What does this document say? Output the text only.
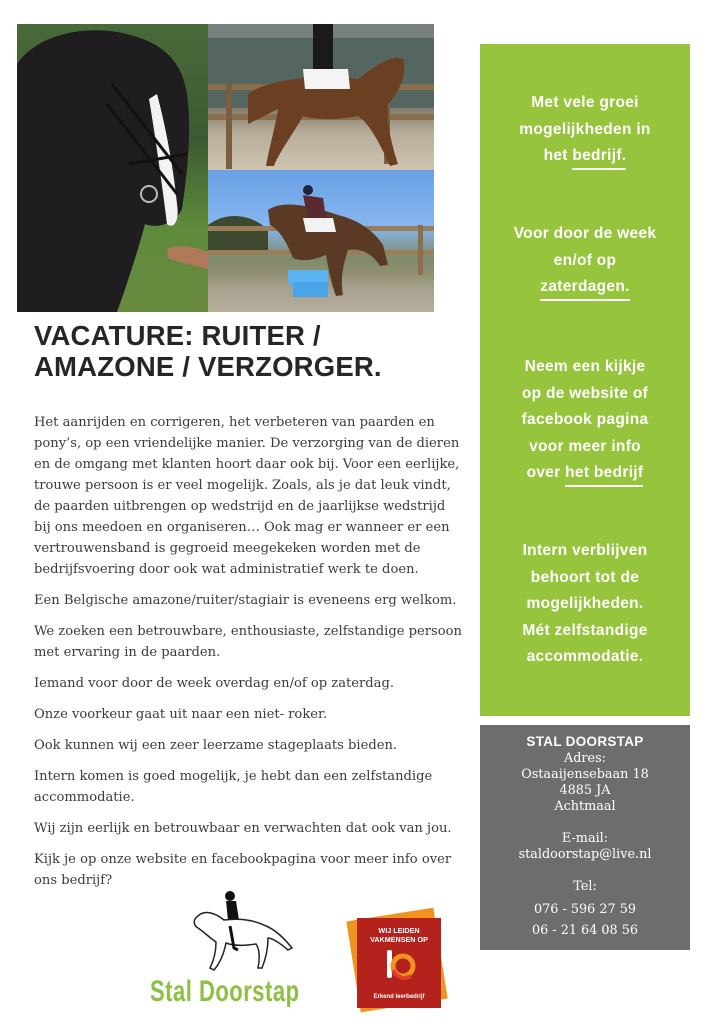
VACATURE: RUITER /
AMAZONE / VERZORGER.

Het aanrijden en corrigeren, het verbeteren van paarden en pony’s, op een vriendelijke manier. De verzorging van de dieren en de omgang met klanten hoort daar ook bij. Voor een eerlijke, trouwe persoon is er veel mogelijk. Zoals, als je dat leuk vindt, de paarden uitbrengen op wedstrijd en de jaarlijkse wedstrijd bij ons meedoen en organiseren… Ook mag er wanneer er een vertrouwensband is gegroeid meegekeken worden met de bedrijfsvoering door ook wat administratief werk te doen.

Een Belgische amazone/ruiter/stagiair is eveneens erg welkom.

We zoeken een betrouwbare, enthousiaste, zelfstandige persoon met ervaring in de paarden.

Iemand voor door de week overdag en/of op zaterdag.

Onze voorkeur gaat uit naar een niet- roker.

Ook kunnen wij een zeer leerzame stageplaats bieden.

Intern komen is goed mogelijk, je hebt dan een zelfstandige accommodatie.

Wij zijn eerlijk en betrouwbaar en verwachten dat ook van jou.

Kijk je op onze website en facebookpagina voor meer info over ons bedrijf?

Met vele groei
mogelijkheden in
het bedrijf.
Voor door de week
en/of op
zaterdagen.
Neem een kijkje
op de website of
facebook pagina
voor meer info
over het bedrijf
Intern verblijven
behoort tot de
mogelijkheden.
Mét zelfstandige
accommodatie.
STAL DOORSTAP
Adres:
Ostaaijensebaan 18
4885 JA
Achtmaal
E-mail:
staldoorstap@live.nl
Tel:
076 - 596 27 59
06 - 21 64 08 56
Stal Doorstap
WIJ LEIDEN
VAKMENSEN OP
Erkend leerbedrijf
